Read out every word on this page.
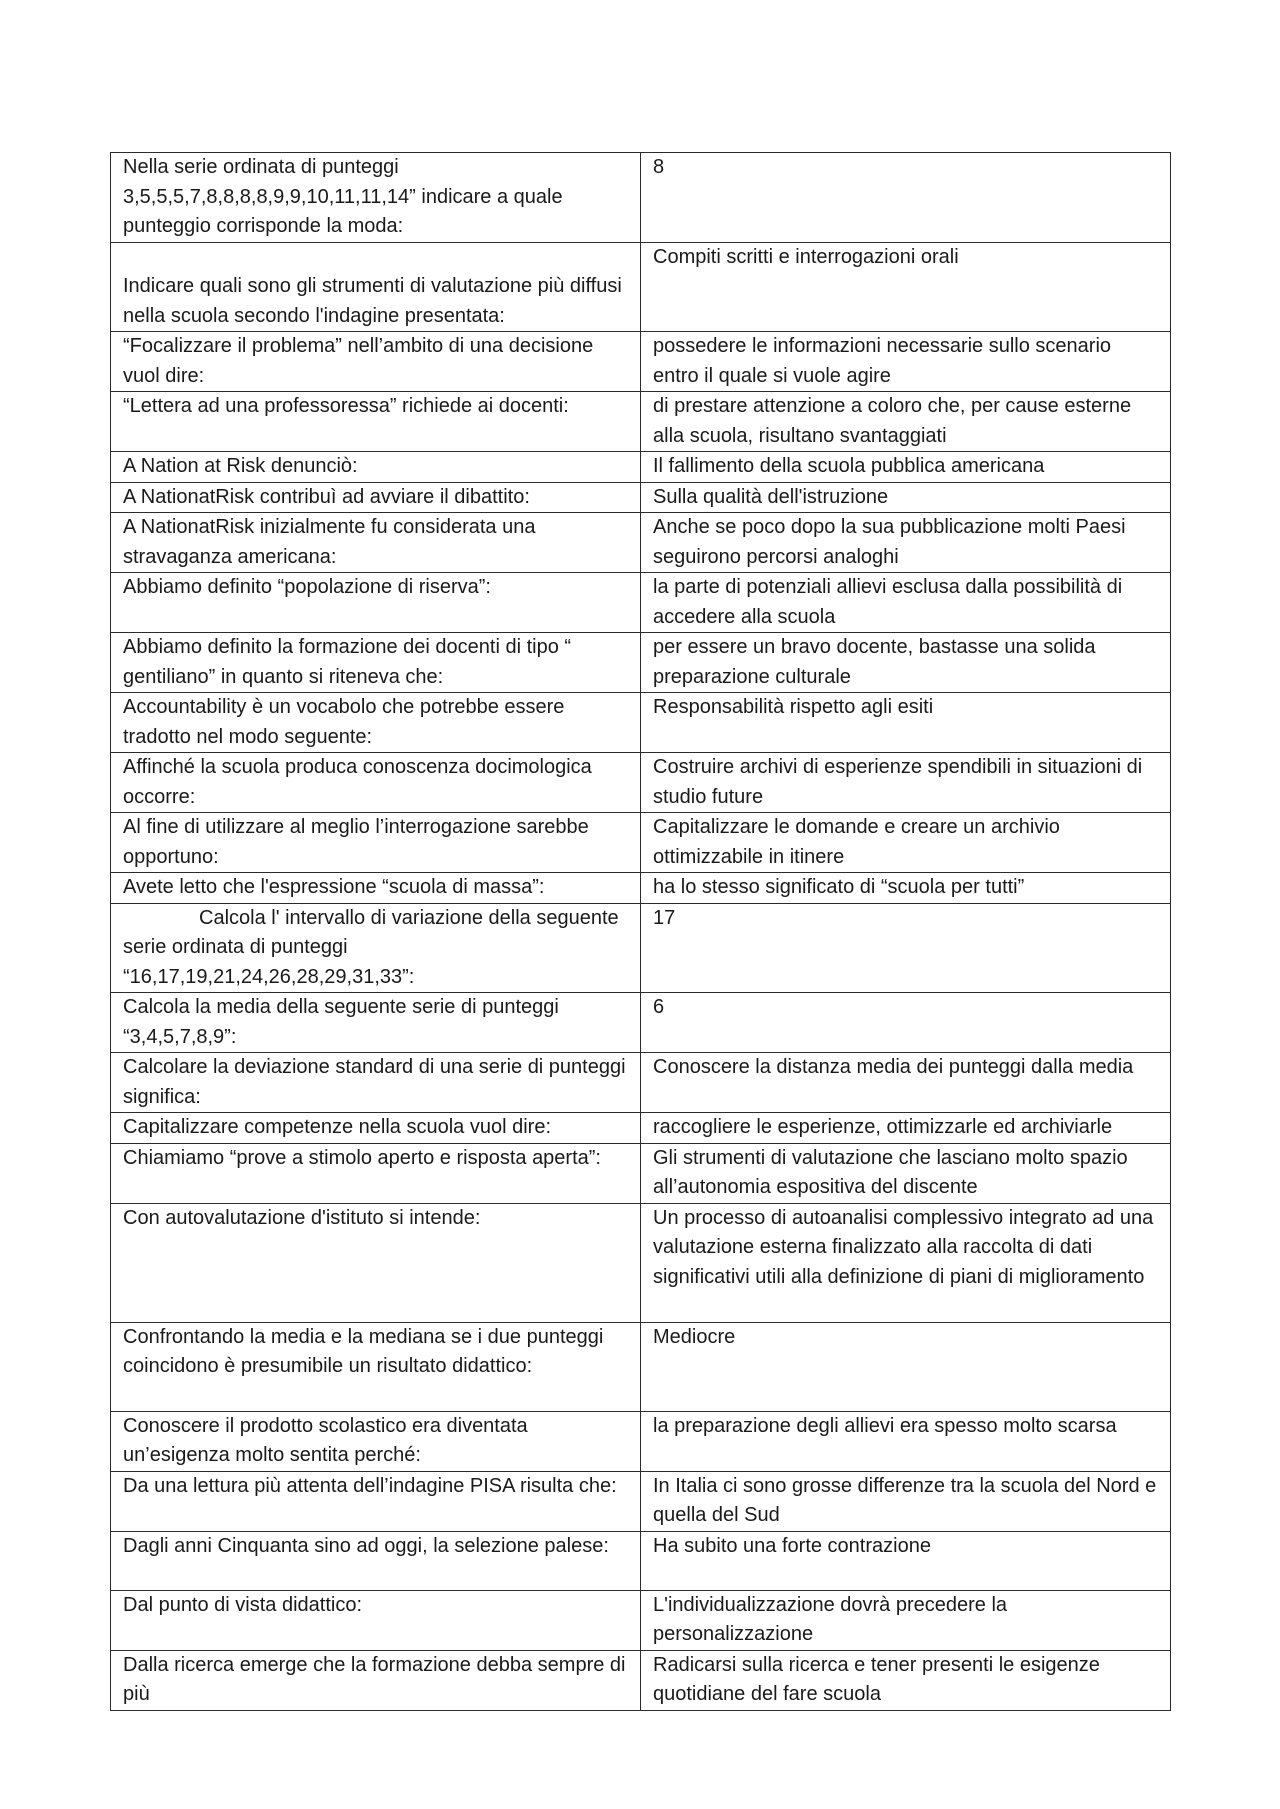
Nella serie ordinata di punteggi 3,5,5,5,7,8,8,8,8,9,9,10,11,11,14” indicare a quale punteggio corrisponde la moda:	8

Indicare quali sono gli strumenti di valutazione più diffusi nella scuola secondo l'indagine presentata:	Compiti scritti e interrogazioni orali

“Focalizzare il problema” nell’ambito di una decisione vuol dire:	possedere le informazioni necessarie sullo scenario entro il quale si vuole agire

“Lettera ad una professoressa” richiede ai docenti:	di prestare attenzione a coloro che, per cause esterne alla scuola, risultano svantaggiati

A Nation at Risk denunciò:	Il fallimento della scuola pubblica americana

A NationatRisk contribuì ad avviare il dibattito:	Sulla qualità dell'istruzione

A NationatRisk inizialmente fu considerata una stravaganza americana:	Anche se poco dopo la sua pubblicazione molti Paesi seguirono percorsi analoghi

Abbiamo definito “popolazione di riserva”:	la parte di potenziali allievi esclusa dalla possibilità di accedere alla scuola

Abbiamo definito la formazione dei docenti di tipo “ gentiliano” in quanto si riteneva che:	per essere un bravo docente, bastasse una solida preparazione culturale

Accountability è un vocabolo che potrebbe essere tradotto nel modo seguente:	Responsabilità rispetto agli esiti

Affinché la scuola produca conoscenza docimologica occorre:	Costruire archivi di esperienze spendibili in situazioni di studio future

Al fine di utilizzare al meglio l’interrogazione sarebbe opportuno:	Capitalizzare le domande e creare un archivio ottimizzabile in itinere

Avete letto che l'espressione “scuola di massa”:	ha lo stesso significato di “scuola per tutti”

Calcola l' intervallo di variazione della seguente serie ordinata di punteggi “16,17,19,21,24,26,28,29,31,33”:	17

Calcola la media della seguente serie di punteggi “3,4,5,7,8,9”:	6

Calcolare la deviazione standard di una serie di punteggi significa:	Conoscere la distanza media dei punteggi dalla media

Capitalizzare competenze nella scuola vuol dire:	raccogliere le esperienze, ottimizzarle ed archiviarle

Chiamiamo “prove a stimolo aperto e risposta aperta”:	Gli strumenti di valutazione che lasciano molto spazio all’autonomia espositiva del discente

Con autovalutazione d'istituto si intende:	Un processo di autoanalisi complessivo integrato ad una valutazione esterna finalizzato alla raccolta di dati significativi utili alla definizione di piani di miglioramento

Confrontando la media e la mediana se i due punteggi coincidono è presumibile un risultato didattico:	Mediocre

Conoscere il prodotto scolastico era diventata un’esigenza molto sentita perché:	la preparazione degli allievi era spesso molto scarsa

Da una lettura più attenta dell’indagine PISA risulta che:	In Italia ci sono grosse differenze tra la scuola del Nord e quella del Sud

Dagli anni Cinquanta sino ad oggi, la selezione palese:	Ha subito una forte contrazione

Dal punto di vista didattico:	L'individualizzazione dovrà precedere la personalizzazione

Dalla ricerca emerge che la formazione debba sempre di più	Radicarsi sulla ricerca e tener presenti le esigenze quotidiane del fare scuola
